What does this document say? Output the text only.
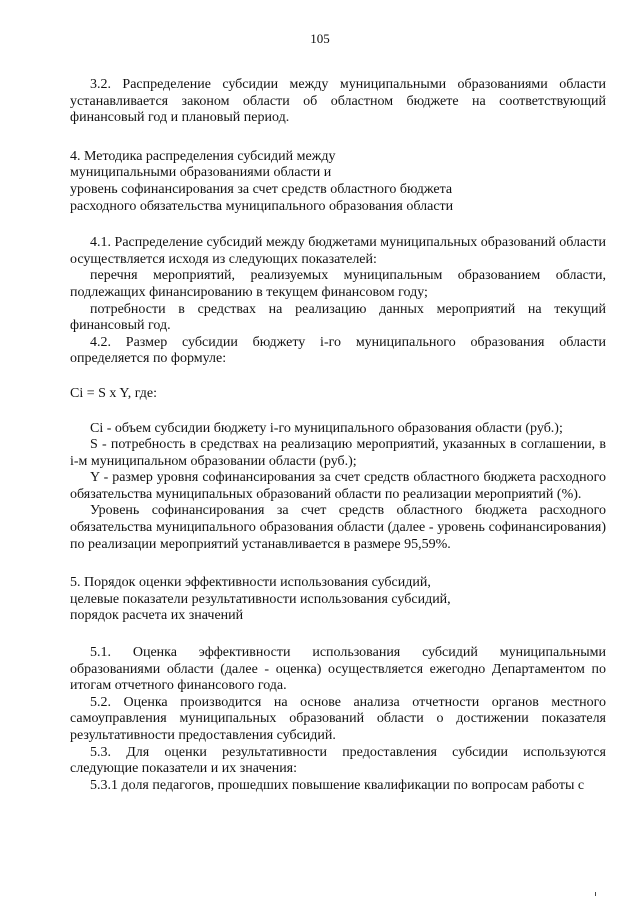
105

3.2. Распределение субсидии между муниципальными образованиями области устанавливается законом области об областном бюджете на соответствующий финансовый год и плановый период.

4. Методика распределения субсидий между

муниципальными образованиями области и

уровень софинансирования за счет средств областного бюджета

расходного обязательства муниципального образования области

4.1. Распределение субсидий между бюджетами муниципальных образований области осуществляется исходя из следующих показателей:

перечня мероприятий, реализуемых муниципальным образованием области, подлежащих финансированию в текущем финансовом году;

потребности в средствах на реализацию данных мероприятий на текущий финансовый год.

4.2. Размер субсидии бюджету i-го муниципального образования области определяется по формуле:

Ci = S x Y, где:

Ci - объем субсидии бюджету i-го муниципального образования области (руб.);

S - потребность в средствах на реализацию мероприятий, указанных в соглашении, в i-м муниципальном образовании области (руб.);

Y - размер уровня софинансирования за счет средств областного бюджета расходного обязательства муниципальных образований области по реализации мероприятий (%).

Уровень софинансирования за счет средств областного бюджета расходного обязательства муниципального образования области (далее - уровень софинансирования) по реализации мероприятий устанавливается в размере 95,59%.

5. Порядок оценки эффективности использования субсидий,

целевые показатели результативности использования субсидий,

порядок расчета их значений

5.1. Оценка эффективности использования субсидий муниципальными образованиями области (далее - оценка) осуществляется ежегодно Департаментом по итогам отчетного финансового года.

5.2. Оценка производится на основе анализа отчетности органов местного самоуправления муниципальных образований области о достижении показателя результативности предоставления субсидий.

5.3. Для оценки результативности предоставления субсидии используются следующие показатели и их значения:

5.3.1 доля педагогов, прошедших повышение квалификации по вопросам работы с
